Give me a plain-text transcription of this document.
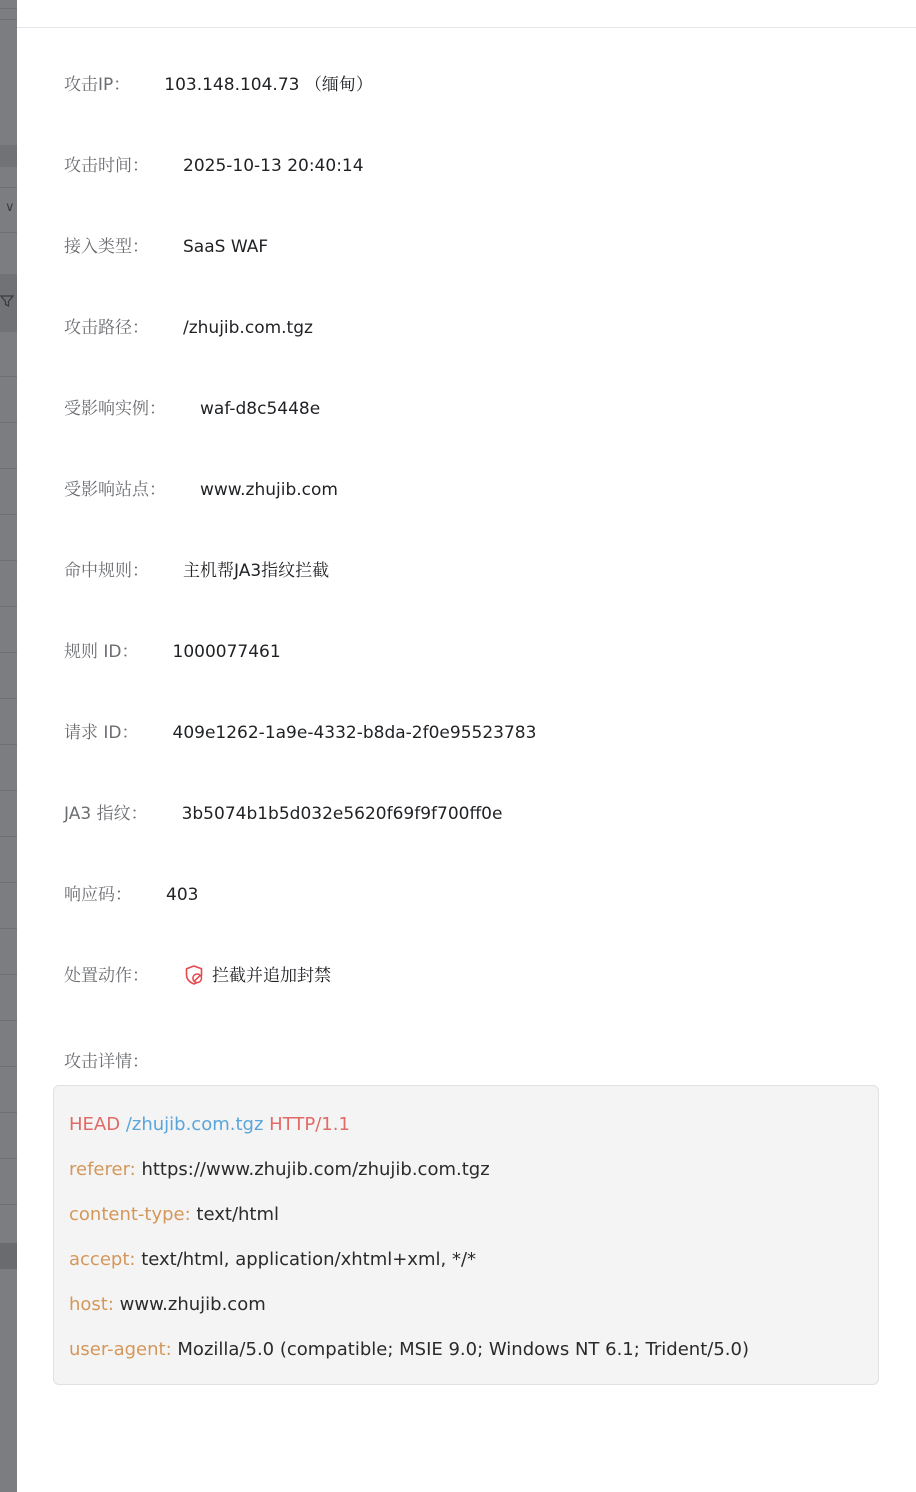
∨
攻击IP： 103.148.104.73 （缅甸）
攻击时间： 2025-10-13 20:40:14
接入类型： SaaS WAF
攻击路径： /zhujib.com.tgz
受影响实例： waf-d8c5448e
受影响站点： www.zhujib.com
命中规则： 主机帮JA3指纹拦截
规则 ID： 1000077461
请求 ID： 409e1262-1a9e-4332-b8da-2f0e95523783
JA3 指纹： 3b5074b1b5d032e5620f69f9f700ff0e
响应码： 403
处置动作：	拦截并追加封禁
攻击详情：
HEAD /zhujib.com.tgz HTTP/1.1
referer: https://www.zhujib.com/zhujib.com.tgz
content-type: text/html
accept: text/html, application/xhtml+xml, */*
host: www.zhujib.com
user-agent: Mozilla/5.0 (compatible; MSIE 9.0; Windows NT 6.1; Trident/5.0)
